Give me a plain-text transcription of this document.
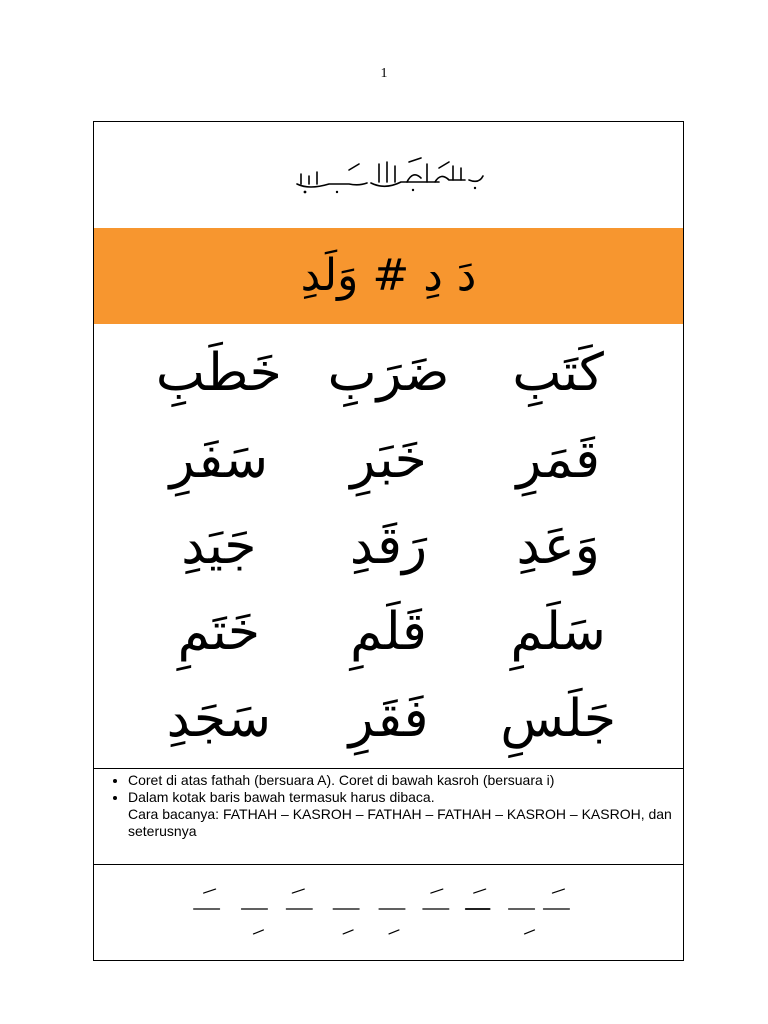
1
دَ دِ # وَلَدِ
كَتَبِ
ضَرَبِ
خَطَبِ
قَمَرِ
خَبَرِ
سَفَرِ
وَعَدِ
رَقَدِ
جَيَدِ
سَلَمِ
قَلَمِ
خَتَمِ
جَلَسِ
فَقَرِ
سَجَدِ
• Coret di atas fathah (bersuara A). Coret di bawah kasroh (bersuara i)
• Dalam kotak baris bawah termasuk harus dibaca.
Cara bacanya: FATHAH – KASROH – FATHAH – FATHAH – KASROH – KASROH, dan seterusnya
